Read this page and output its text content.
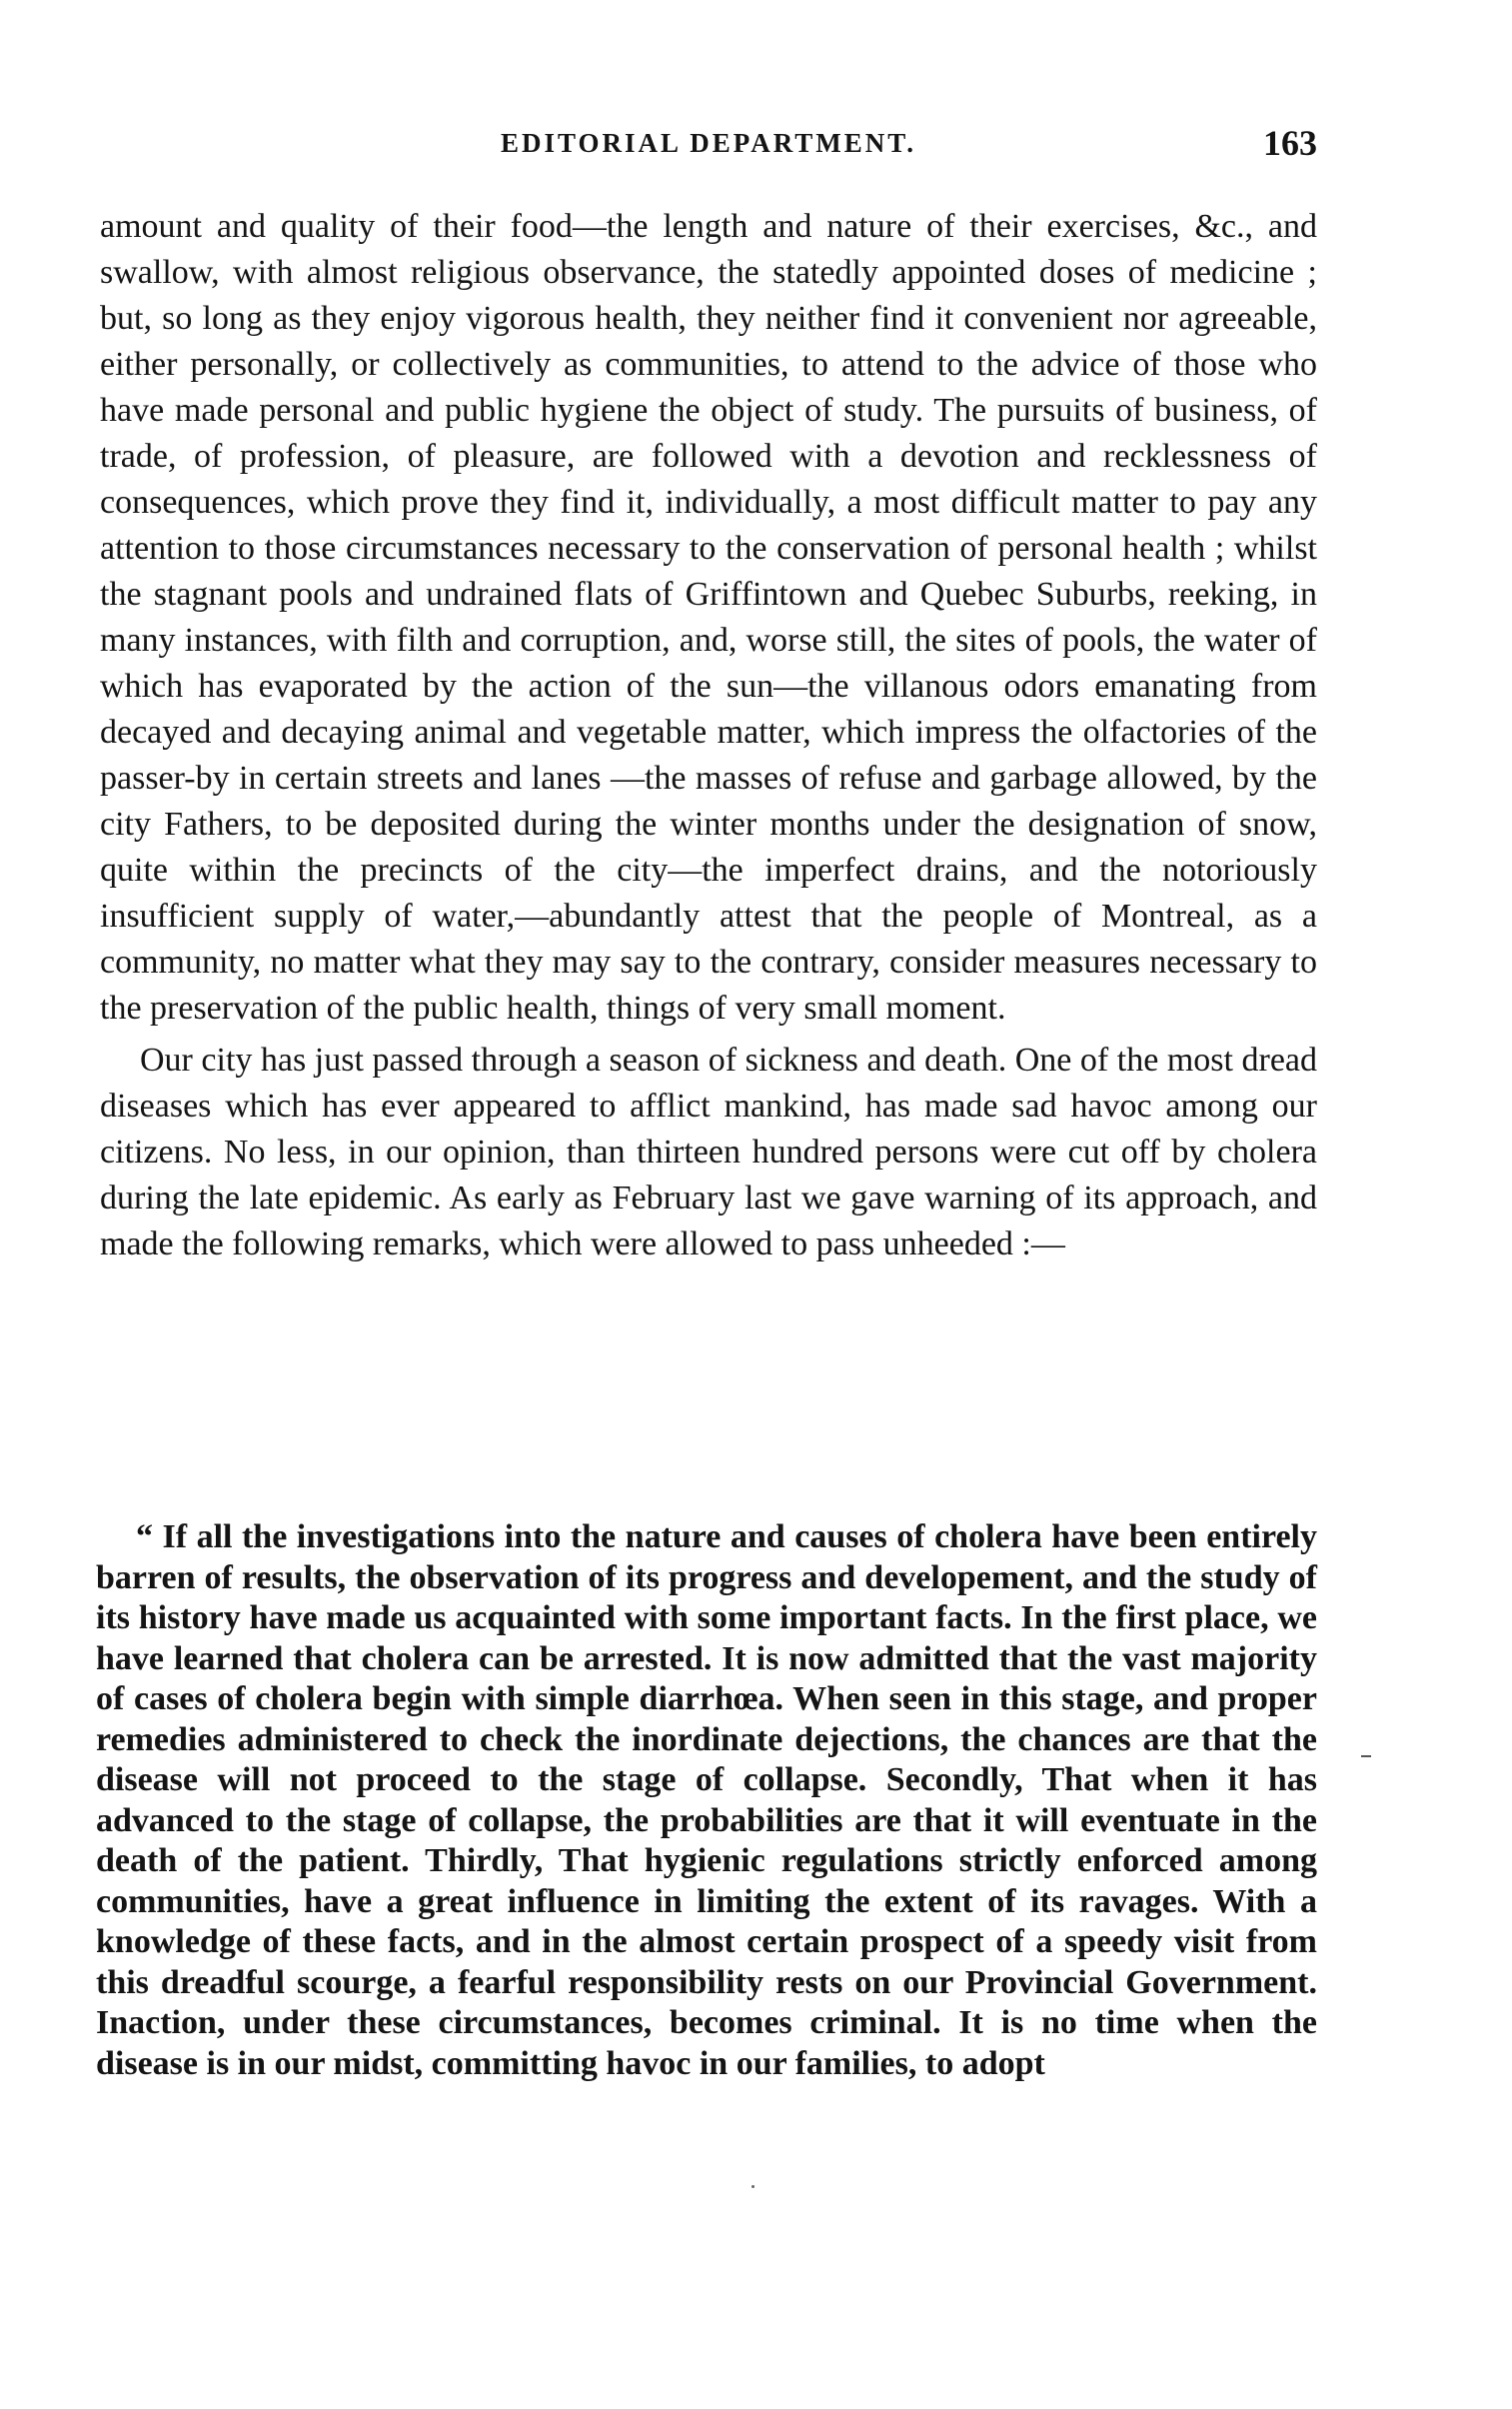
EDITORIAL DEPARTMENT.	163

amount and quality of their food—the length and nature of their exercises, &c., and swallow, with almost religious observance, the statedly appointed doses of medicine ; but, so long as they enjoy vigorous health, they neither find it convenient nor agreeable, either personally, or collectively as communities, to attend to the advice of those who have made personal and public hygiene the object of study. The pursuits of business, of trade, of profession, of pleasure, are followed with a devotion and recklessness of consequences, which prove they find it, individually, a most difficult matter to pay any attention to those circumstances necessary to the conservation of personal health ; whilst the stagnant pools and undrained flats of Griffintown and Quebec Suburbs, reeking, in many instances, with filth and corruption, and, worse still, the sites of pools, the water of which has evaporated by the action of the sun—the villanous odors emanating from decayed and decaying animal and vegetable matter, which impress the olfactories of the passer-by in certain streets and lanes —the masses of refuse and garbage allowed, by the city Fathers, to be deposited during the winter months under the designation of snow, quite within the precincts of the city—the imperfect drains, and the notoriously insufficient supply of water,—abundantly attest that the people of Montreal, as a community, no matter what they may say to the contrary, consider measures necessary to the preservation of the public health, things of very small moment.

Our city has just passed through a season of sickness and death. One of the most dread diseases which has ever appeared to afflict mankind, has made sad havoc among our citizens. No less, in our opinion, than thirteen hundred persons were cut off by cholera during the late epidemic. As early as February last we gave warning of its approach, and made the following remarks, which were allowed to pass unheeded :—

“ If all the investigations into the nature and causes of cholera have been entirely barren of results, the observation of its progress and developement, and the study of its history have made us acquainted with some important facts. In the first place, we have learned that cholera can be arrested. It is now admitted that the vast majority of cases of cholera begin with simple diarrhœa. When seen in this stage, and proper remedies administered to check the inordinate dejections, the chances are that the disease will not proceed to the stage of collapse. Secondly, That when it has advanced to the stage of collapse, the probabilities are that it will eventuate in the death of the patient. Thirdly, That hygienic regulations strictly enforced among communities, have a great influence in limiting the extent of its ravages. With a knowledge of these facts, and in the almost certain prospect of a speedy visit from this dreadful scourge, a fearful responsibility rests on our Provincial Government. Inaction, under these circumstances, becomes criminal. It is no time when the disease is in our midst, committing havoc in our families, to adopt
